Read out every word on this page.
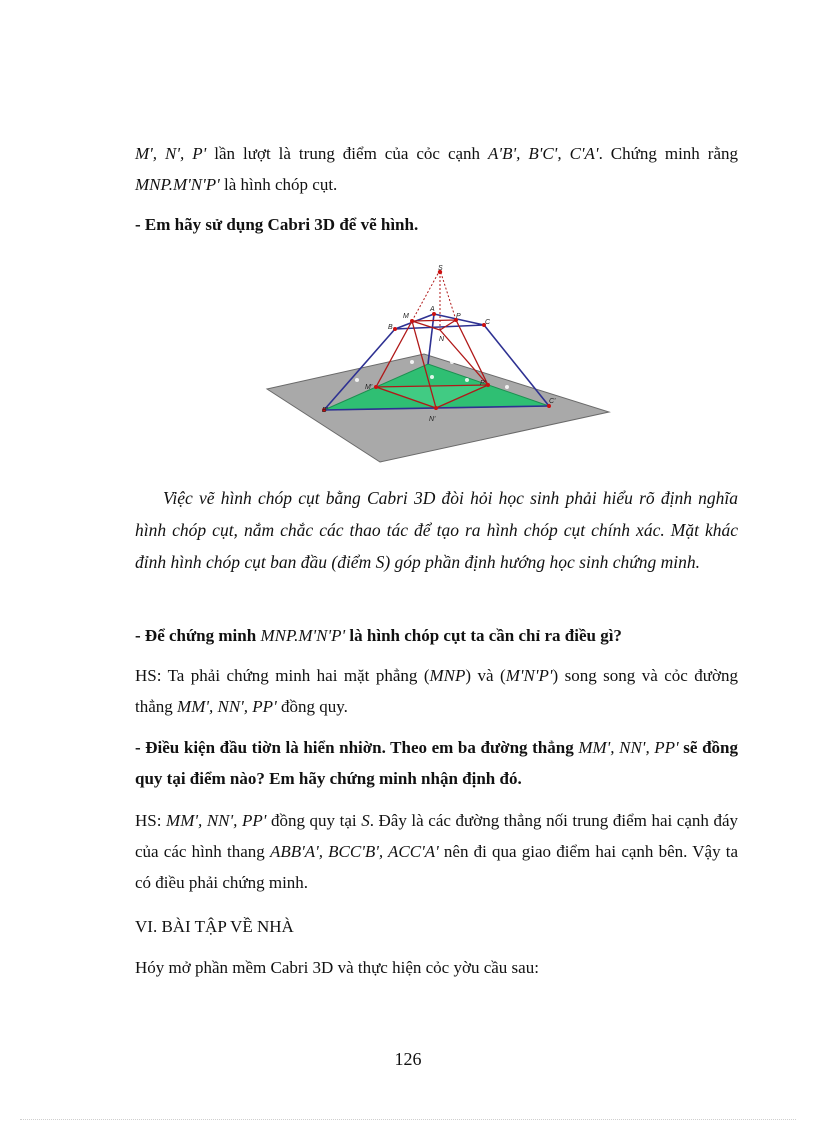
M', N', P' lần lượt là trung điểm của cỏc cạnh A'B', B'C', C'A'. Chứng minh rằng MNP.M'N'P' là hình chóp cụt.

- Em hãy sử dụng Cabri 3D để vẽ hình.

S
A
M
B
P
C
N
M'
P'
B'
C'
N'

Việc vẽ hình chóp cụt bằng Cabri 3D đòi hỏi học sinh phải hiểu rõ định nghĩa hình chóp cụt, nắm chắc các thao tác để tạo ra hình chóp cụt chính xác. Mặt khác đỉnh hình chóp cụt ban đầu (điểm S) góp phần định hướng học sinh chứng minh.

- Để chứng minh MNP.M'N'P' là hình chóp cụt ta cần chỉ ra điều gì?

HS: Ta phải chứng minh hai mặt phẳng (MNP) và (M'N'P') song song và cỏc đường thẳng MM', NN', PP' đồng quy.

- Điều kiện đầu tiờn là hiển nhiờn. Theo em ba đường thẳng MM', NN', PP' sẽ đồng quy tại điểm nào? Em hãy chứng minh nhận định đó.

HS: MM', NN', PP' đồng quy tại S. Đây là các đường thẳng nối trung điểm hai cạnh đáy của các hình thang ABB'A', BCC'B', ACC'A' nên đi qua giao điểm hai cạnh bên. Vậy ta có điều phải chứng minh.

VI. BÀI TẬP VỀ NHÀ

Hóy mở phần mềm Cabri 3D và thực hiện cỏc yờu cầu sau:

126
